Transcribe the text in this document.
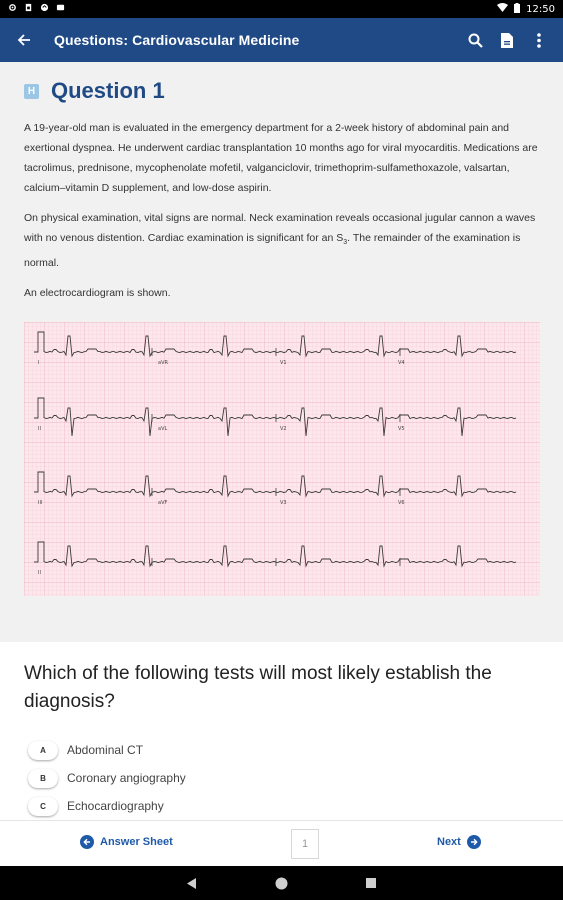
12:50
Questions: Cardiovascular Medicine
H Question 1

A 19-year-old man is evaluated in the emergency department for a 2-week history of abdominal pain and exertional dyspnea. He underwent cardiac transplantation 10 months ago for viral myocarditis. Medications are tacrolimus, prednisone, mycophenolate mofetil, valganciclovir, trimethoprim-sulfamethoxazole, valsartan, calcium–vitamin D supplement, and low-dose aspirin.

On physical examination, vital signs are normal. Neck examination reveals occasional jugular cannon a waves with no venous distention. Cardiac examination is significant for an $S_3$. The remainder of the examination is normal.

An electrocardiogram is shown.

I	aVR	V1	V4
II	aVL	V2	V5
III	aVF	V3	V6
II
Which of the following tests will most likely establish the diagnosis?
A	Abdominal CT
B	Coronary angiography
C	Echocardiography
Answer Sheet	1	Next
